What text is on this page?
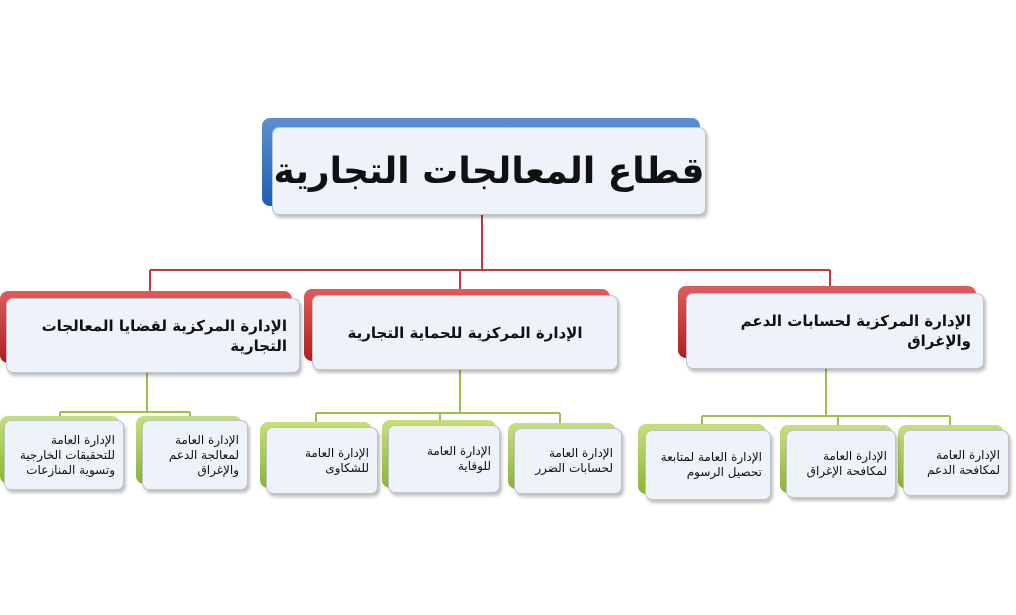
قطاع المعالجات التجارية
الإدارة المركزية لحسابات الدعم والإغراق
الإدارة المركزية للحماية التجارية
الإدارة المركزية لقضايا المعالجات التجارية
الإدارة العامة لمكافحة الدعم
الإدارة العامة لمكافحة الإغراق
الإدارة العامة لمتابعة تحصيل الرسوم
الإدارة العامة لحسابات الضرر
الإدارة العامة للوقاية
الإدارة العامة للشكاوى
الإدارة العامة لمعالجة الدعم والإغراق
الإدارة العامة للتحقيقات الخارجية وتسوية المنازعات
